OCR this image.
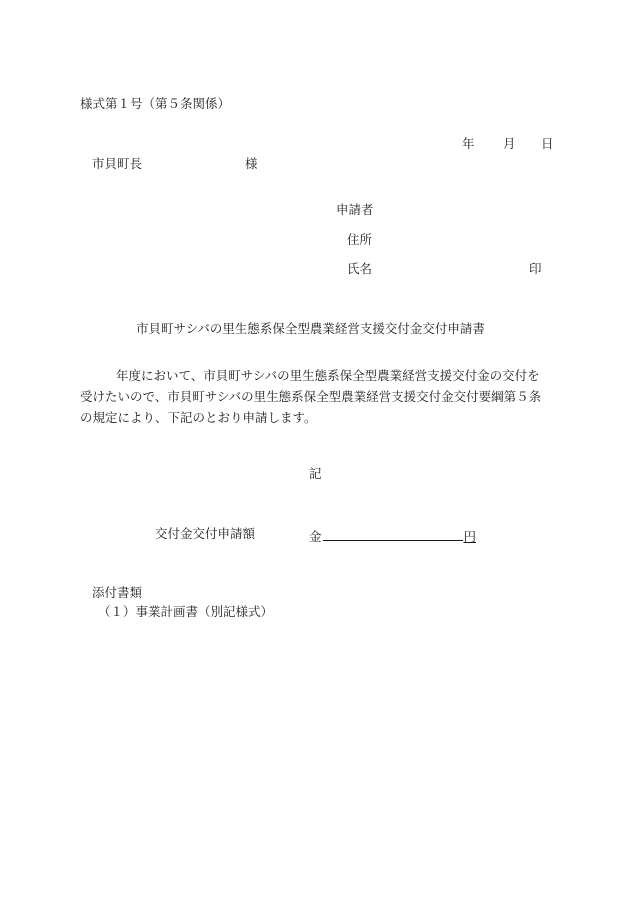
様式第１号（第５条関係）
年 月 日
市貝町長	様
申請者
住所
氏名	印
市貝町サシバの里生態系保全型農業経営支援交付金交付申請書
年度において、市貝町サシバの里生態系保全型農業経営支援交付金の交付を
受けたいので、市貝町サシバの里生態系保全型農業経営支援交付金交付要綱第５条
の規定により、下記のとおり申請します。
記
交付金交付申請額	金	円
添付書類
（１）事業計画書（別記様式）
